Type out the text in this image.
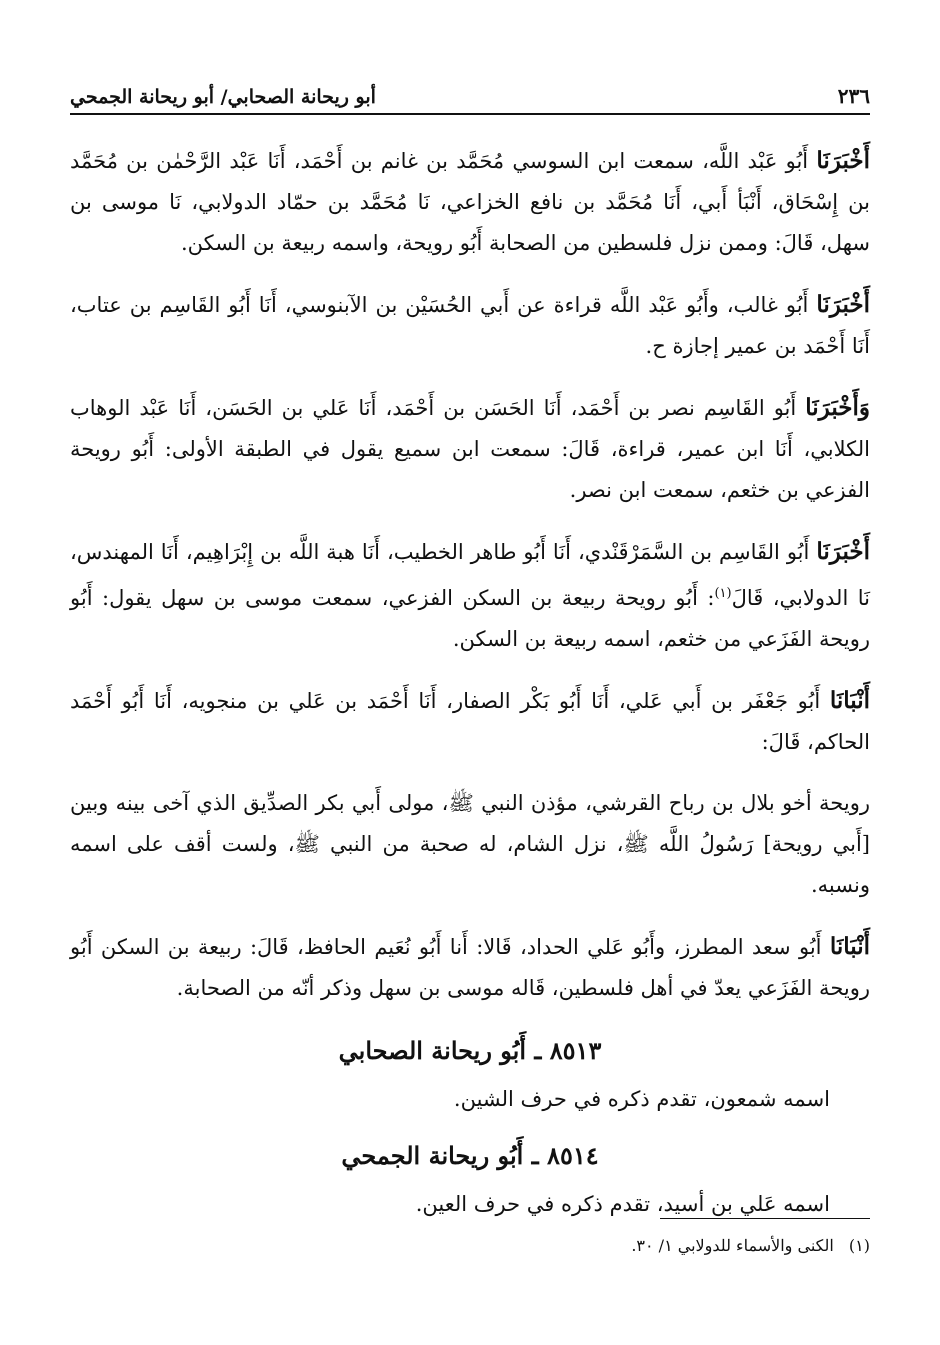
٢٣٦
أبو ريحانة الصحابي/ أبو ريحانة الجمحي

أَخْبَرَنَا أَبُو عَبْد اللَّه، سمعت ابن السوسي مُحَمَّد بن غانم بن أَحْمَد، أَنَا عَبْد الرَّحْمٰن بن مُحَمَّد بن إِسْحَاق، أَنْبَأ أَبي، أَنَا مُحَمَّد بن نافع الخزاعي، نَا مُحَمَّد بن حمّاد الدولابي، نَا موسى بن سهل، قَالَ: وممن نزل فلسطين من الصحابة أَبُو رويحة، واسمه ربيعة بن السكن.

أَخْبَرَنَا أَبُو غالب، وأَبُو عَبْد اللَّه قراءة عن أَبي الحُسَيْن بن الآبنوسي، أَنَا أَبُو القَاسِم بن عتاب، أَنَا أَحْمَد بن عمير إجازة ح.

وَأَخْبَرَنَا أَبُو القَاسِم نصر بن أَحْمَد، أَنَا الحَسَن بن أَحْمَد، أَنَا عَلي بن الحَسَن، أَنَا عَبْد الوهاب الكلابي، أَنَا ابن عمير، قراءة، قَالَ: سمعت ابن سميع يقول في الطبقة الأولى: أَبُو رويحة الفزعي بن خثعم، سمعت ابن نصر.

أَخْبَرَنَا أَبُو القَاسِم بن السَّمَرْقَنْدي، أَنَا أَبُو طاهر الخطيب، أَنَا هبة اللَّه بن إِبْرَاهِيم، أَنَا المهندس، نَا الدولابي، قَالَ$^{(١)}$: أَبُو رويحة ربيعة بن السكن الفزعي، سمعت موسى بن سهل يقول: أَبُو رويحة الفَزَعي من خثعم، اسمه ربيعة بن السكن.

أَنْبَانَا أَبُو جَعْفَر بن أَبي عَلي، أَنَا أَبُو بَكْر الصفار، أَنَا أَحْمَد بن عَلي بن منجويه، أَنَا أَبُو أَحْمَد الحاكم، قَالَ:

رويحة أخو بلال بن رباح القرشي، مؤذن النبي ﷺ، مولى أَبي بكر الصدِّيق الذي آخى بينه وبين [أَبي رويحة] رَسُولُ اللَّه ﷺ، نزل الشام، له صحبة من النبي ﷺ، ولست أقف على اسمه ونسبه.

أَنْبَانَا أَبُو سعد المطرز، وأَبُو عَلي الحداد، قَالا: أَنا أَبُو نُعَيم الحافظ، قَالَ: ربيعة بن السكن أَبُو رويحة الفَزَعي يعدّ في أهل فلسطين، قَاله موسى بن سهل وذكر أنّه من الصحابة.

٨٥١٣ ـ أَبُو ريحانة الصحابي

اسمه شمعون، تقدم ذكره في حرف الشين.

٨٥١٤ ـ أَبُو ريحانة الجمحي

اسمه عَلي بن أسيد، تقدم ذكره في حرف العين.

(١) الكنى والأسماء للدولابي ١/ ٣٠.
